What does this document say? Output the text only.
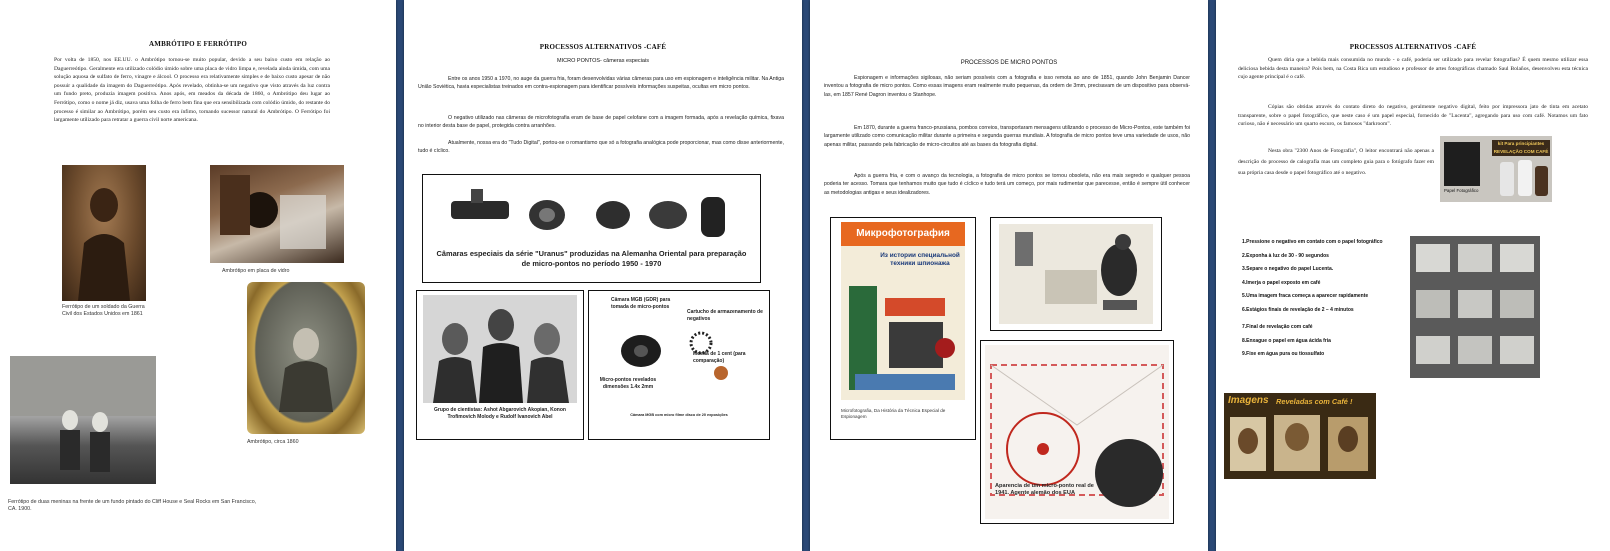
AMBRÓTIPO E FERRÓTIPO
Por volta de 1850, nos EE.UU. o Ambrótipo tornou-se muito popular, devido a seu baixo custo em relação ao Daguerreótipo. Geralmente era utilizado colódio úmido sobre uma placa de vidro limpa e, revelada ainda úmida, com uma solução aquosa de sulfato de ferro, vinagre e álcool. O processo era relativamente simples e de baixo custo apesar de não possuir a qualidade da imagem do Daguerreótipo. Após revelado, obtinha-se um negativo que visto através da luz contra um fundo preto, produzia imagem positiva. Anos após, em meados da década de 1860, o Ambrótipo deu lugar ao Ferrótipo, como o nome já diz, usava uma folha de ferro bem fina que era sensibilizada com colódio úmido, do restante do processo é similar ao Ambrótipo, porém seu custo era ínfimo, tornando sucessor natural do Ambrótipo. O Ferrótipo foi largamente utilizado para retratar a guerra civil norte americana.
Ferrótipo de um soldado da Guerra Civil dos Estados Unidos em 1861
Ambrótipo em placa de vidro
Ambrótipo, circa 1860
Ferrótipo de duas meninas na frente de um fundo pintado do Cliff House e Seal Rocks em San Francisco, CA. 1900.
PROCESSOS ALTERNATIVOS -CAFÉ
MICRO PONTOS- câmeras especiais
Entre os anos 1950 a 1970, no auge da guerra fria, foram desenvolvidas várias câmeras para uso em espionagem e inteligência militar. Na Antiga União Soviética, havia especialistas treinados em contra-espionagem para identificar possíveis informações suspeitas, ocultas em micro pontos.
O negativo utilizado nas câmeras de microfotografia eram de base de papel celofane com a imagem formada, após a revelação química, fixava no interior desta base de papel, protegida contra arranhões.
Atualmente, nossa era do "Tudo Digital", portou-se o romantismo que só a fotografia analógica pode proporcionar, mas como disse anteriormente, tudo é cíclico.
Câmaras especiais da série "Uranus" produzidas na Alemanha Oriental para preparação de micro-pontos no período 1950 - 1970
Grupo de cientistas: Ashot Abgarovich Akopian, Konon Trofimovich Molody e Rudolf Ivanovich Abel
Câmara MGB (GDR) para tomada de micro-pontos
Cartucho de armazenamento de negativos
Micro-pontos revelados dimensões 1.4x 2mm
Moeda de 1 cent (para comparação)
Câmara MGB com micro filme disco de 20 exposições
PROCESSOS DE MICRO PONTOS
Espionagem e informações sigilosas, não seriam possíveis com a fotografia e isso remota ao ano de 1851, quando John Benjamin Dancer inventou a fotografia de micro pontos. Como essas imagens eram realmente muito pequenas, da ordem de 3mm, precisavam de um dispositivo para observá-las, em 1857 René Dagron inventou o Stanhope.
Em 1870, durante a guerra franco-prussiana, pombos correios, transportaram mensagens utilizando o processo de Micro-Pontos, este também foi largamente utilizado como comunicação militar durante a primeira e segunda guerras mundiais. A fotografia de micro pontos teve uma variedade de usos, não apenas militar, passando pela fabricação de micro-circuitos até as bases da fotografia digital.
Após a guerra fria, e com o avanço da tecnologia, a fotografia de micro pontos se tornou obsoleta, não era mais segredo e qualquer pessoa poderia ter acesso. Tomara que tenhamos muito que tudo é cíclico e tudo terá um começo, por mais rudimentar que parecesse, então é sempre útil conhecer as metodologias antigas e seus idealizadores.
Микрофотография
Из истории специальной техники шпионажа
Microfotografia, Da História da Técnica Especial de Espionagem
Aparencia de um micro-ponto real de 1941. Agente alemão dos EUA
PROCESSOS ALTERNATIVOS -CAFÉ
Quem diria que a bebida mais consumida no mundo - o café, poderia ser utilizado para revelar fotografias? É quem mesmo utilizar essa deliciosa bebida desta maneira? Pois bem, na Costa Rica um estudioso e professor de artes fotográficas chamado Saul Bolaños, desenvolveu esta técnica cujo agente principal é o café.
Cópias são obtidas através do contato direto do negativo, geralmente negativo digital, feito por impressora jato de tinta em acetato transparente, sobre o papel fotográfico, que neste caso é um papel especial, fornecido de "Lucenta", agregando para uso com café. Notamos um fato curioso, não é necessário um quarto escuro, os famosos "darkroom".
Nesta obra "2300 Anos de Fotografia", O leitor encontrará não apenas a descrição do processo de calografia mas um completo guia para o fotógrafo fazer em sua própria casa desde o papel fotográfico até o negativo.
kit Para principiantes REVELAÇÃO COM CAFÉ
Papel Fotográfico
1.Pressione o negativo em contato com o papel fotográfico
2.Exponha à luz de 30 - 90 segundos
3.Separe o negativo do papel Lucenta.
4.Imerja o papel exposto em café
5.Uma imagem fraca começa a aparecer rapidamente
6.Estágios finais de revelação de 2 – 4 minutos
7.Final de revelação com café
8.Enxague o papel em água ácida fria
9.Fixe em água pura ou tiossulfato
Imagens Reveladas com Café !
